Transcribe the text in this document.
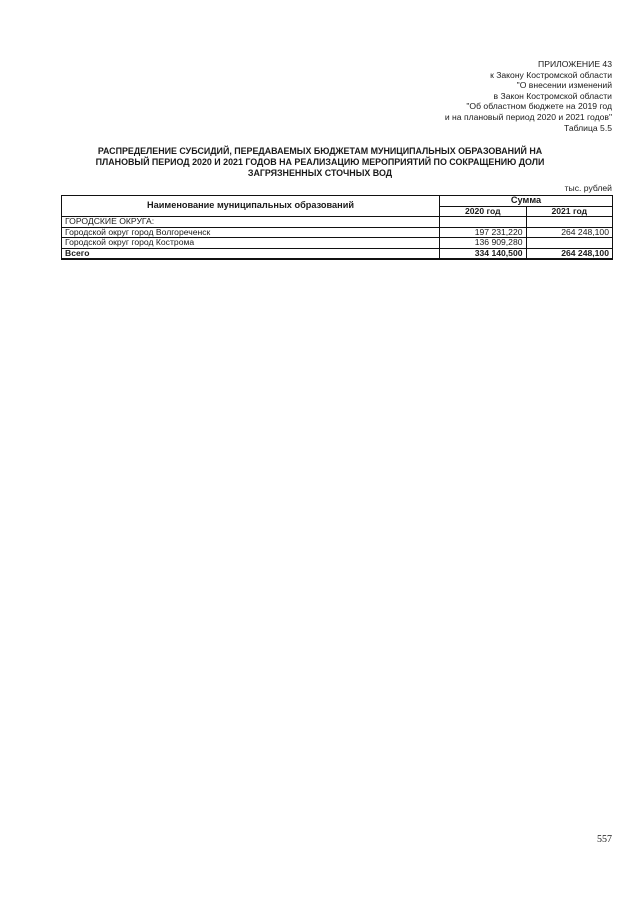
ПРИЛОЖЕНИЕ 43
к Закону Костромской области
"О внесении изменений
в Закон Костромской области
"Об областном бюджете на 2019 год
и на плановый период 2020 и 2021 годов"
Таблица 5.5
РАСПРЕДЕЛЕНИЕ СУБСИДИЙ, ПЕРЕДАВАЕМЫХ БЮДЖЕТАМ МУНИЦИПАЛЬНЫХ ОБРАЗОВАНИЙ НА ПЛАНОВЫЙ ПЕРИОД 2020 И 2021 ГОДОВ НА РЕАЛИЗАЦИЮ МЕРОПРИЯТИЙ ПО СОКРАЩЕНИЮ ДОЛИ ЗАГРЯЗНЕННЫХ СТОЧНЫХ ВОД
тыс. рублей
Наименование муниципальных образований	Сумма	
	2020 год	2021 год
ГОРОДСКИЕ ОКРУГА:		
Городской округ город Волгореченск	197 231,220	264 248,100
Городской округ город Кострома	136 909,280	
Всего	334 140,500	264 248,100
557
